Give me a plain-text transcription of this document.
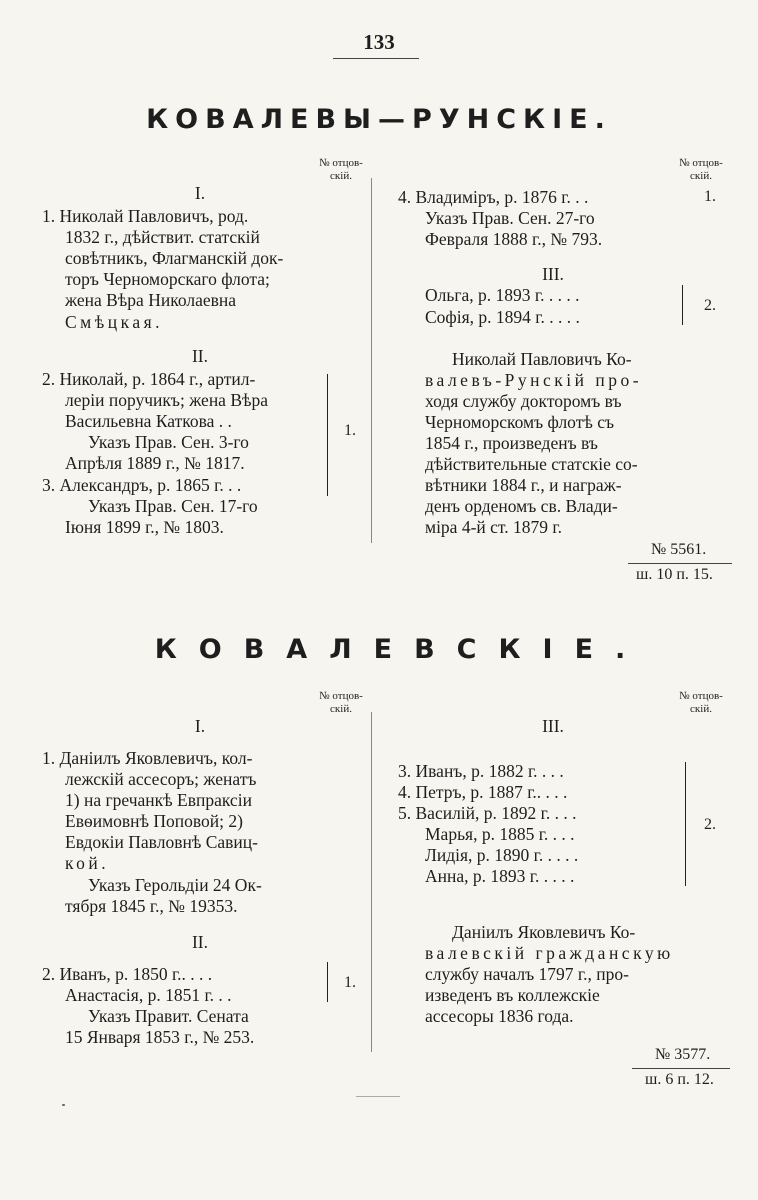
133
КОВАЛЕВЫ—РУНСКІЕ.
№ отцов-
скій.
№ отцов-
скій.
I.
1. Николай Павловичъ, род.
1832 г., дѣйствит. статскій
совѣтникъ, Флагманскій док-
торъ Черноморскаго флота;
жена Вѣра Николаевна
Смѣцкая.
II.
2. Николай, р. 1864 г., артил-
леріи поручикъ; жена Вѣра
Васильевна Каткова . .
Указъ Прав. Сен. 3-го
Апрѣля 1889 г., № 1817.
3. Александръ, р. 1865 г. . .
Указъ Прав. Сен. 17-го
Іюня 1899 г., № 1803.
1.
4. Владиміръ, р. 1876 г. . .	1.
Указъ Прав. Сен. 27-го
Февраля 1888 г., № 793.
III.
Ольга, р. 1893 г. . . . .
Софія, р. 1894 г. . . . .
2.
Николай Павловичъ Ко-
валевъ-Рунскій про-
ходя службу докторомъ въ
Черноморскомъ флотѣ съ
1854 г., произведенъ въ
дѣйствительные статскіе со-
вѣтники 1884 г., и награж-
денъ орденомъ св. Влади-
міра 4-й ст. 1879 г.
№ 5561.
ш. 10 п. 15.
КОВАЛЕВСКІЕ.
№ отцов-
скій.
№ отцов-
скій.
I.
1. Даніилъ Яковлевичъ, кол-
лежскій ассесоръ; женатъ
1) на гречанкѣ Евпраксіи
Евѳимовнѣ Поповой; 2)
Евдокіи Павловнѣ Савиц-
кой.
Указъ Герольдіи 24 Ок-
тября 1845 г., № 19353.
II.
2. Иванъ, р. 1850 г.. . . .
Анастасія, р. 1851 г. . .
Указъ Правит. Сената
15 Января 1853 г., № 253.
1.
III.
3. Иванъ, р. 1882 г. . . .
4. Петръ, р. 1887 г.. . . .
5. Василій, р. 1892 г. . . .
Марья, р. 1885 г. . . .
Лидія, р. 1890 г. . . . .
Анна, р. 1893 г. . . . .
2.
Даніилъ Яковлевичъ Ко-
валевскій гражданскую
службу началъ 1797 г., про-
изведенъ въ коллежскіе
ассесоры 1836 года.
№ 3577.
ш. 6 п. 12.
